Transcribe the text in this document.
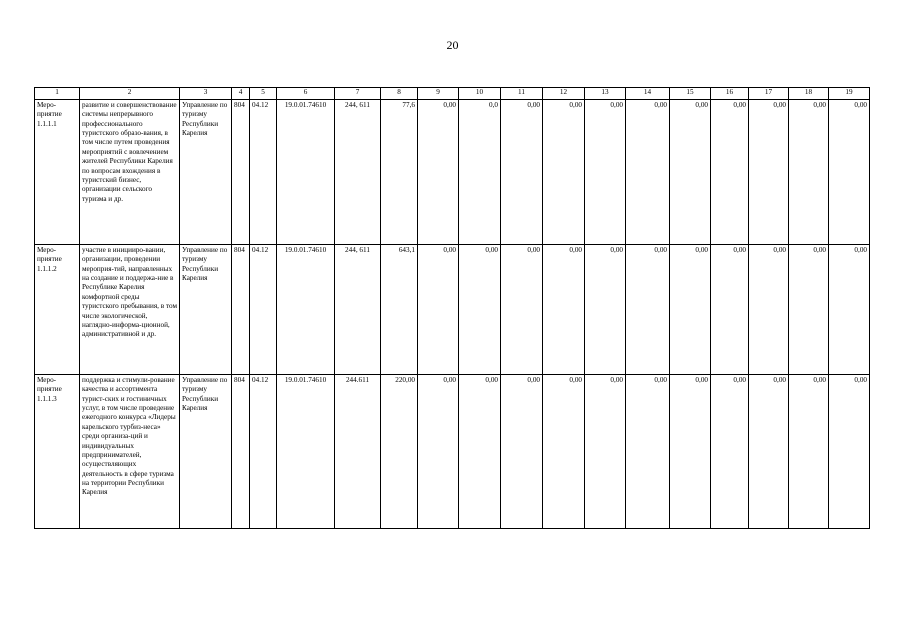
20
1	2	3	4	5	6	7	8	9	10	11	12	13	14	15	16	17	18	19
Меро-приятие 1.1.1.1	развитие и совершенствование системы непрерывного профессионального туристского образо-вания, в том числе путем проведения мероприятий с вовлечением жителей Республики Карелия по вопросам вхождения в туристский бизнес, организации сельского туризма и др.	Управление по туризму Республики Карелия	804	04.12	19.0.01.74610	244, 611	77,6	0,00	0,0	0,00	0,00	0,00	0,00	0,00	0,00	0,00	0,00	0,00
Меро-приятие 1.1.1.2	участие в иницииро-вании, организации, проведении мероприя-тий, направленных на создание и поддержа-ние в Республике Карелия комфортной среды туристского пребывания, в том числе экологической, наглядно-информа-ционной, административной и др.	Управление по туризму Республики Карелия	804	04.12	19.0.01.74610	244, 611	643,1	0,00	0,00	0,00	0,00	0,00	0,00	0,00	0,00	0,00	0,00	0,00
Меро-приятие 1.1.1.3	поддержка и стимули-рование качества и ассортимента турист-ских и гостиничных услуг, в том числе проведение ежегодного конкурса «Лидеры карельского турбиз-неса» среди организа-ций и индивидуальных предпринимателей, осуществляющих деятельность в сфере туризма на территории Республики Карелия	Управление по туризму Республики Карелия	804	04.12	19.0.01.74610	244.611	220,00	0,00	0,00	0,00	0,00	0,00	0,00	0,00	0,00	0,00	0,00	0,00
